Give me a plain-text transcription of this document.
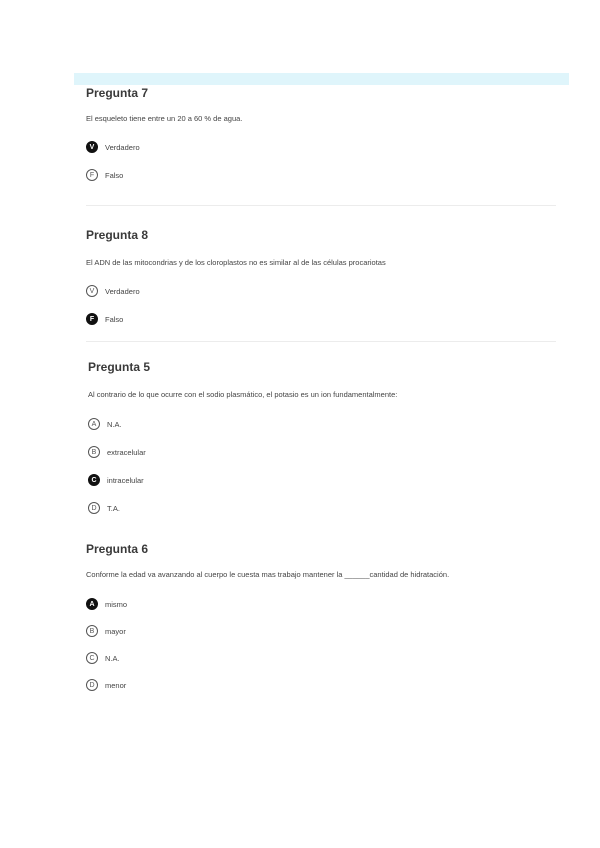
Pregunta 7

El esqueleto tiene entre un 20 a 60 % de agua.

V	Verdadero
F	Falso

Pregunta 8

El ADN de las mitocondrias y de los cloroplastos no es similar al de las células procariotas

V	Verdadero
F	Falso

Pregunta 5

Al contrario de lo que ocurre con el sodio plasmático, el potasio es un ion fundamentalmente:

A	N.A.
B	extracelular
C	intracelular
D	T.A.

Pregunta 6

Conforme la edad va avanzando al cuerpo le cuesta mas trabajo mantener la ______cantidad de hidratación.

A	mismo
B	mayor
C	N.A.
D	menor
